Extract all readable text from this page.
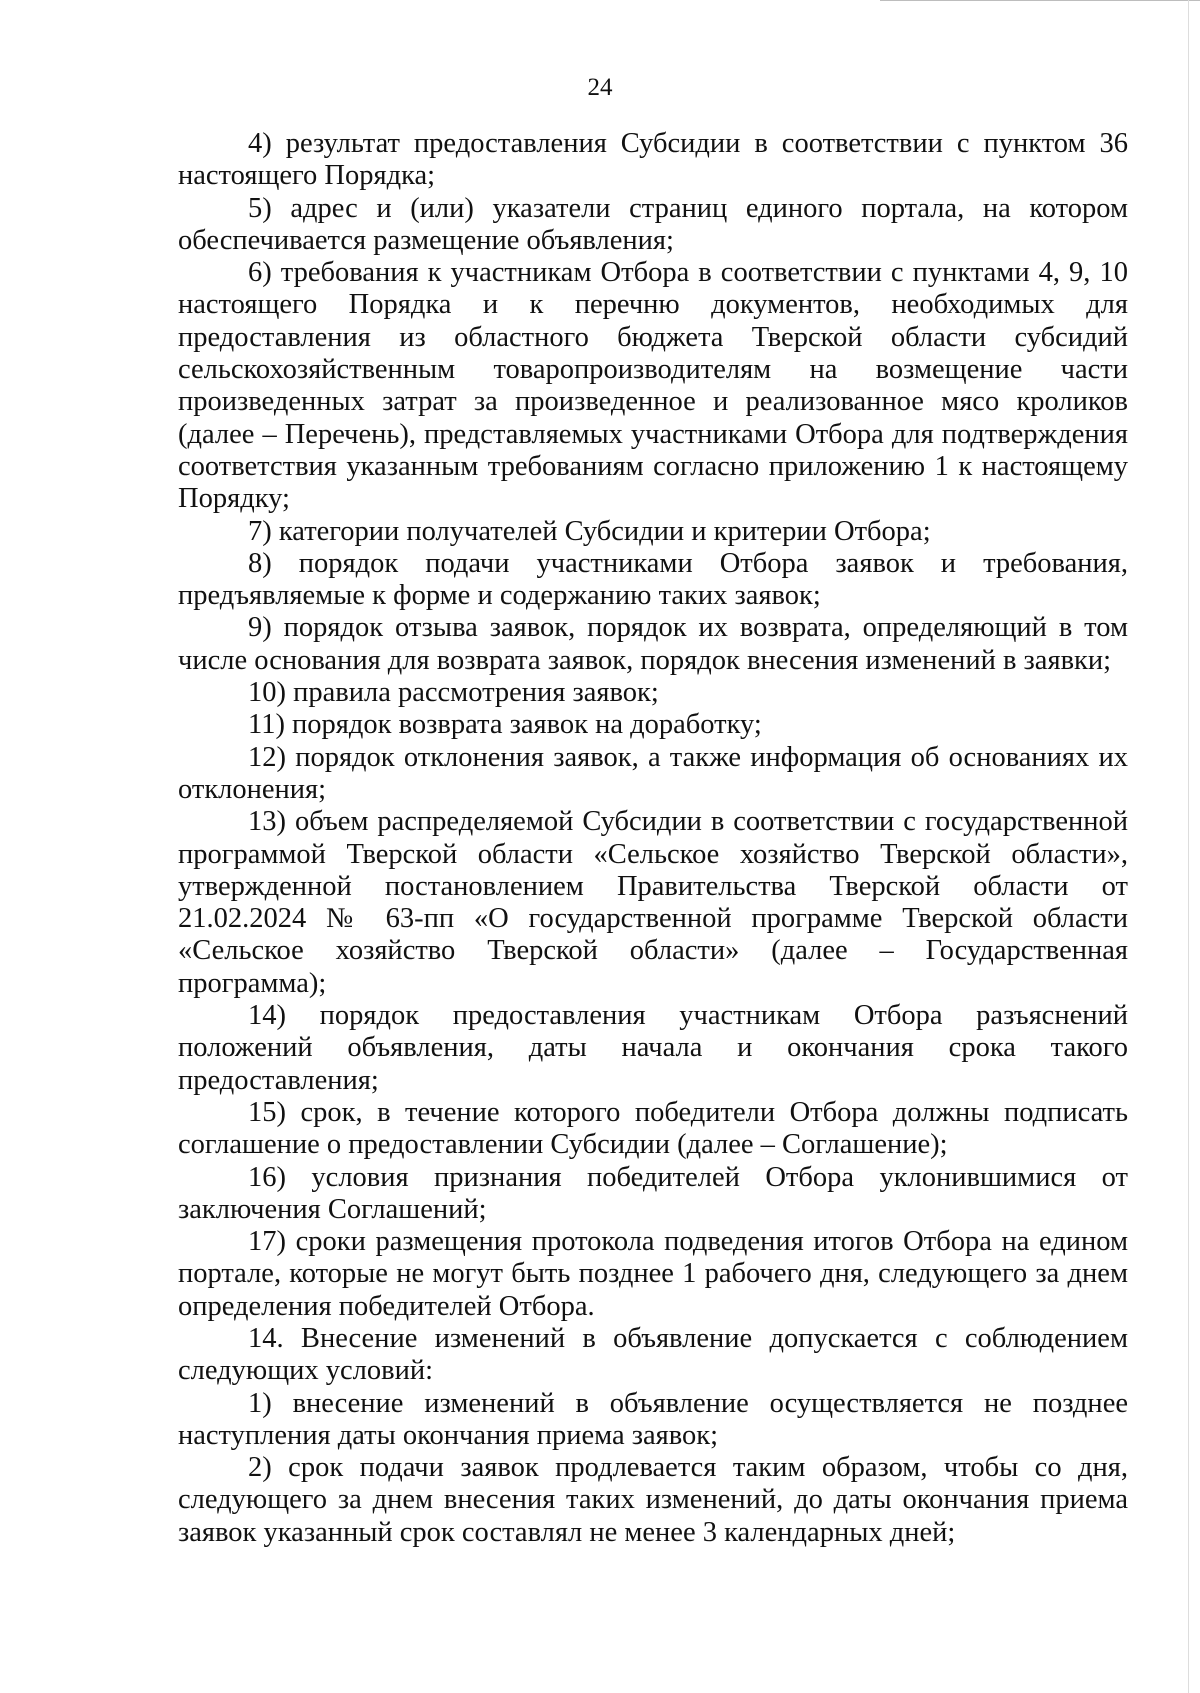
24

4) результат предоставления Субсидии в соответствии с пунктом 36 настоящего Порядка;

5) адрес и (или) указатели страниц единого портала, на котором обеспечивается размещение объявления;

6) требования к участникам Отбора в соответствии с пунктами 4, 9, 10 настоящего Порядка и к перечню документов, необходимых для предоставления из областного бюджета Тверской области субсидий сельскохозяйственным товаропроизводителям на возмещение части произведенных затрат за произведенное и реализованное мясо кроликов (далее – Перечень), представляемых участниками Отбора для подтверждения соответствия указанным требованиям согласно приложению 1 к настоящему Порядку;

7) категории получателей Субсидии и критерии Отбора;

8) порядок подачи участниками Отбора заявок и требования, предъявляемые к форме и содержанию таких заявок;

9) порядок отзыва заявок, порядок их возврата, определяющий в том числе основания для возврата заявок, порядок внесения изменений в заявки;

10) правила рассмотрения заявок;

11) порядок возврата заявок на доработку;

12) порядок отклонения заявок, а также информация об основаниях их отклонения;

13) объем распределяемой Субсидии в соответствии с государственной программой Тверской области «Сельское хозяйство Тверской области», утвержденной постановлением Правительства Тверской области от 21.02.2024 № 63-пп «О государственной программе Тверской области «Сельское хозяйство Тверской области» (далее – Государственная программа);

14) порядок предоставления участникам Отбора разъяснений положений объявления, даты начала и окончания срока такого предоставления;

15) срок, в течение которого победители Отбора должны подписать соглашение о предоставлении Субсидии (далее – Соглашение);

16) условия признания победителей Отбора уклонившимися от заключения Соглашений;

17) сроки размещения протокола подведения итогов Отбора на едином портале, которые не могут быть позднее 1 рабочего дня, следующего за днем определения победителей Отбора.

14. Внесение изменений в объявление допускается с соблюдением следующих условий:

1) внесение изменений в объявление осуществляется не позднее наступления даты окончания приема заявок;

2) срок подачи заявок продлевается таким образом, чтобы со дня, следующего за днем внесения таких изменений, до даты окончания приема заявок указанный срок составлял не менее 3 календарных дней;
